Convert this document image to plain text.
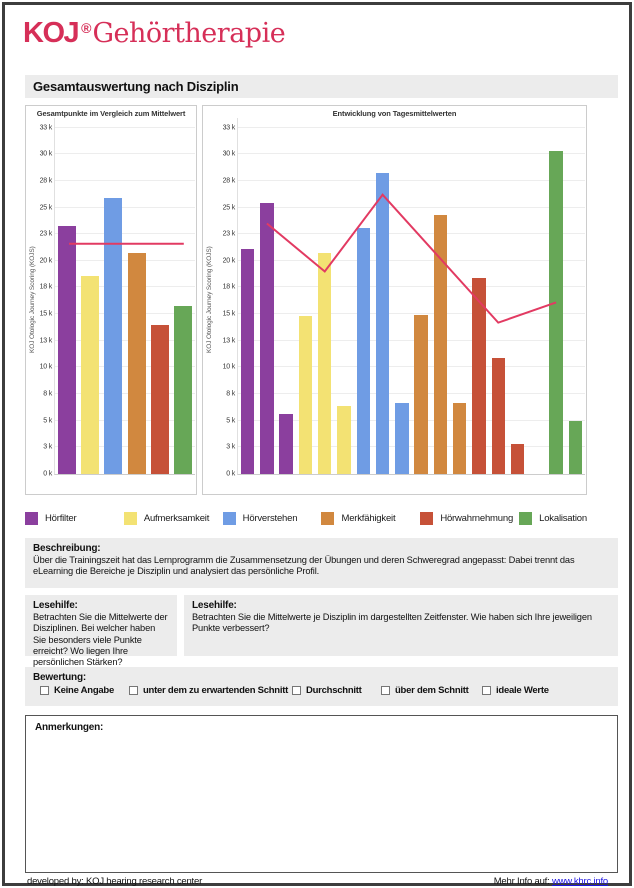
KOJ ®Gehörtherapie
Gesamtauswertung nach Disziplin
Gesamtpunkte im Vergleich zum Mittelwert
KOJ Otologic Journey Scoring (KOJS)
0 k
3 k
5 k
8 k
10 k
13 k
15 k
18 k
20 k
23 k
25 k
28 k
30 k
33 k
Entwicklung von Tagesmittelwerten
KOJ Otologic Journey Scoring (KOJS)
0 k
3 k
5 k
8 k
10 k
13 k
15 k
18 k
20 k
23 k
25 k
28 k
30 k
33 k
Hörfilter	Aufmerksamkeit	Hörverstehen	Merkfähigkeit	Hörwahrnehmung	Lokalisation
Beschreibung:
Über die Trainingszeit hat das Lernprogramm die Zusammensetzung der Übungen und deren Schweregrad angepasst: Dabei trennt das eLearning die Bereiche je Disziplin und analysiert das persönliche Profil.
Lesehilfe:
Betrachten Sie die Mittelwerte der Disziplinen. Bei welcher haben Sie besonders viele Punkte erreicht? Wo liegen Ihre persönlichen Stärken?
Lesehilfe:
Betrachten Sie die Mittelwerte je Disziplin im dargestellten Zeitfenster. Wie haben sich Ihre jeweiligen Punkte verbessert?
Bewertung:
Keine Angabe	unter dem zu erwartenden Schnitt Durchschnitt	über dem Schnitt	ideale Werte
Anmerkungen:
developed by: KOJ hearing research center	Mehr Info auf: www.khrc.info
